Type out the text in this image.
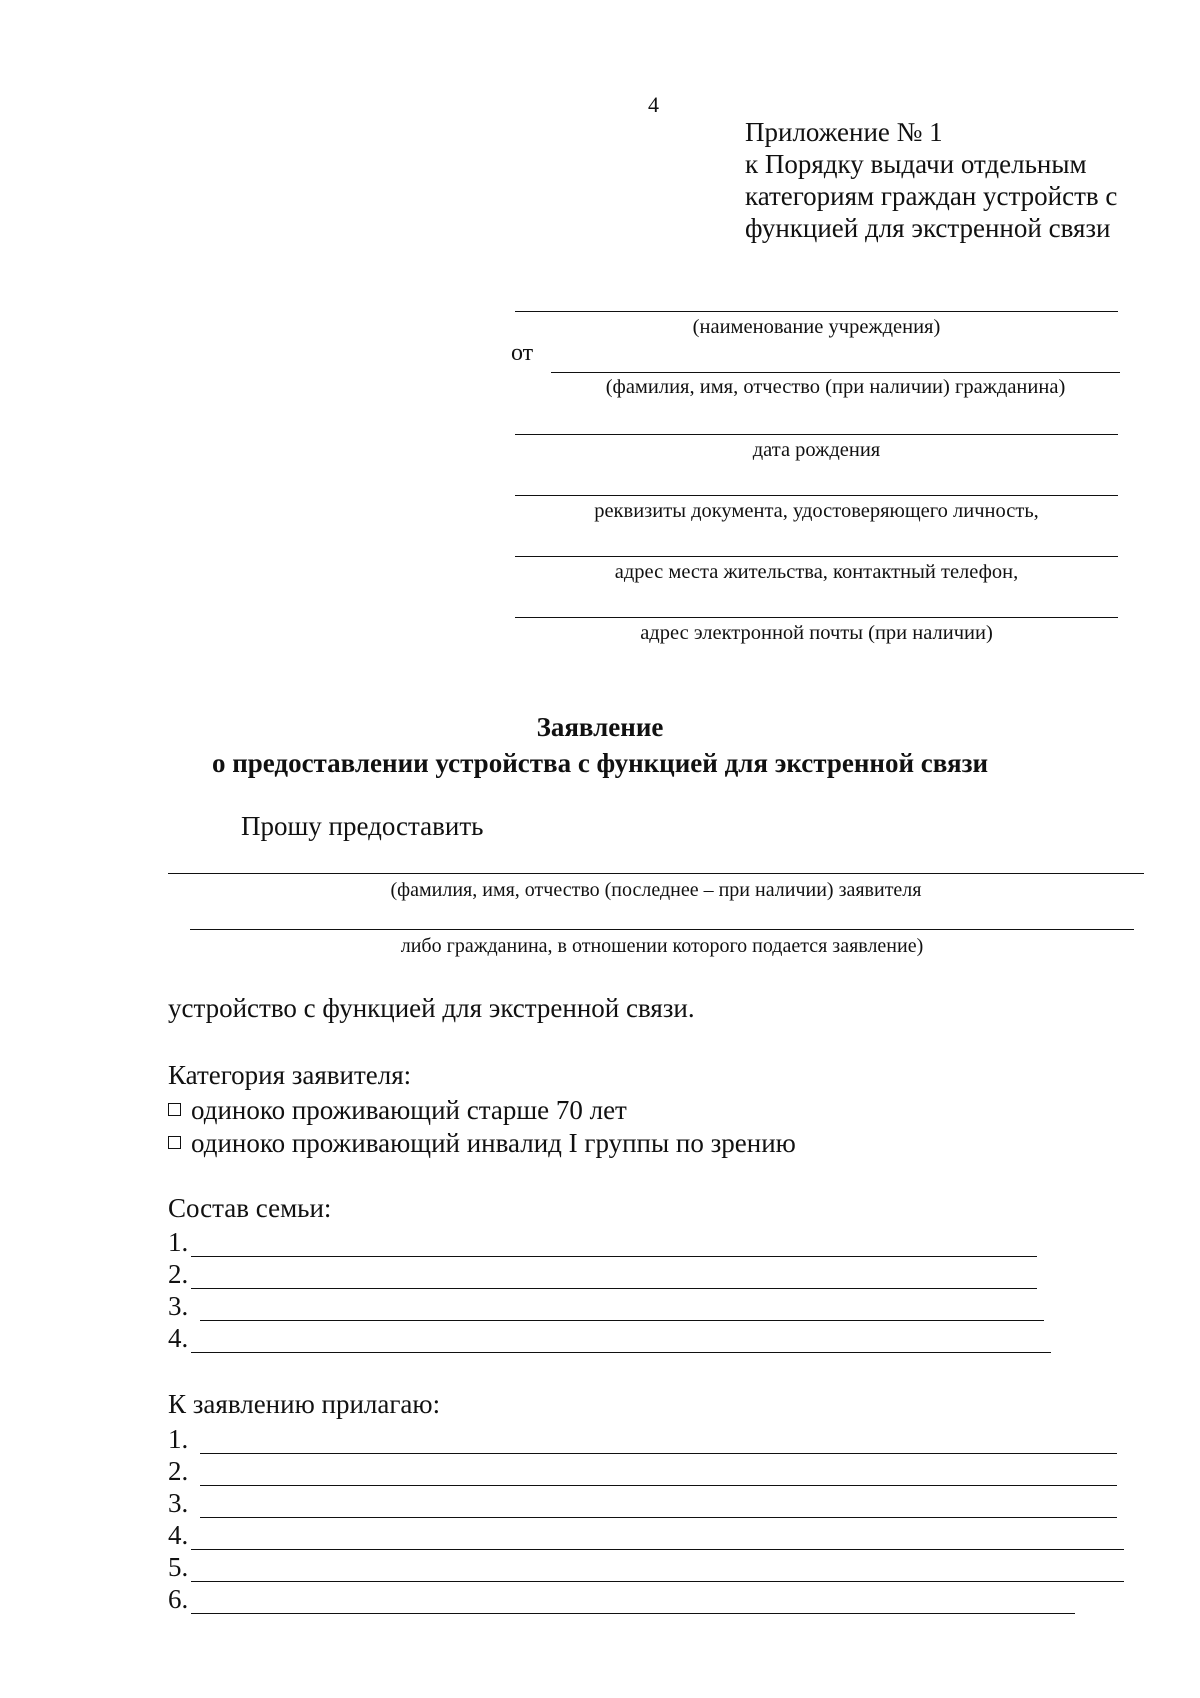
4
Приложение № 1
к Порядку выдачи отдельным
категориям граждан устройств с
функцией для экстренной связи
(наименование учреждения)
от
(фамилия, имя, отчество (при наличии) гражданина)
дата рождения
реквизиты документа, удостоверяющего личность,
адрес места жительства, контактный телефон,
адрес электронной почты (при наличии)
Заявление
о предоставлении устройства с функцией для экстренной связи
Прошу предоставить
(фамилия, имя, отчество (последнее – при наличии) заявителя
либо гражданина, в отношении которого подается заявление)
устройство с функцией для экстренной связи.
Категория заявителя:
одиноко проживающий старше 70 лет
одиноко проживающий инвалид I группы по зрению
Состав семьи:
1.
2.
3.
4.
К заявлению прилагаю:
1.
2.
3.
4.
5.
6.
